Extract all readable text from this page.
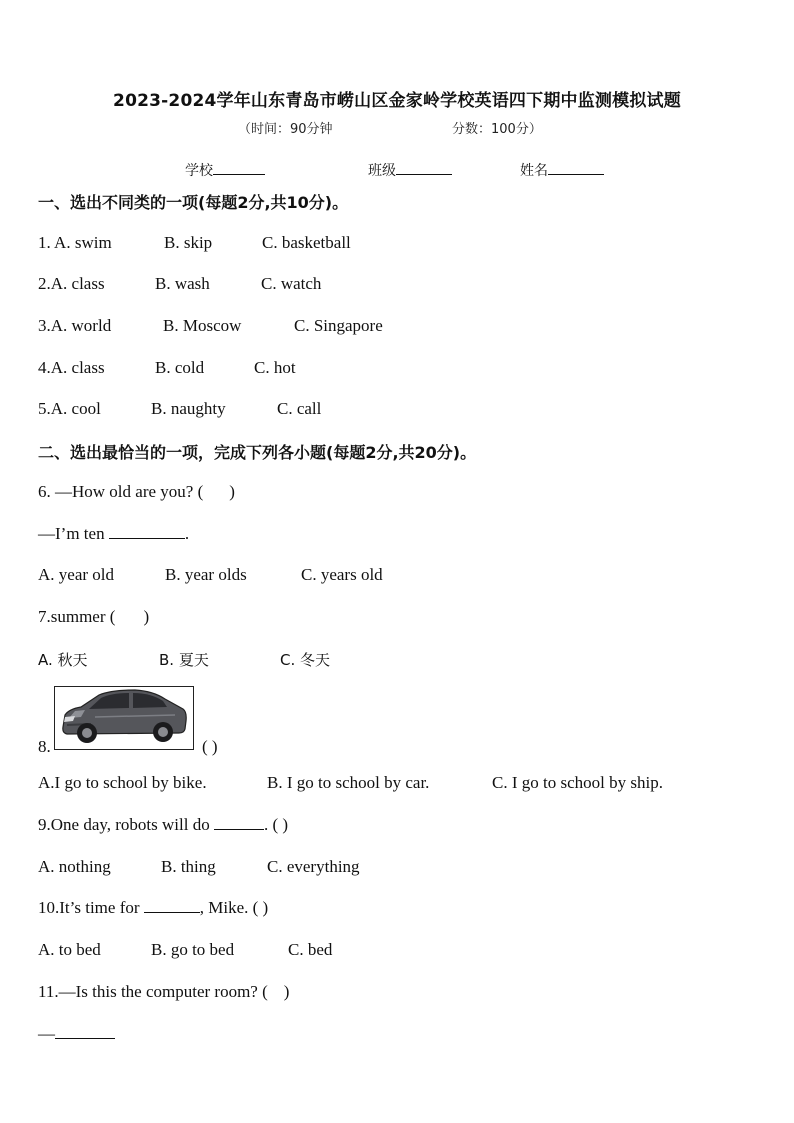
2023-2024学年山东青岛市崂山区金家岭学校英语四下期中监测模拟试题
（时间：90分钟	分数：100分）
学校	班级	姓名
一、选出不同类的一项(每题2分,共10分)。
1. A. swim	B. skip	C. basketball
2.A. class	B. wash	C. watch
3.A. world	B. Moscow	C. Singapore
4.A. class	B. cold	C. hot
5.A. cool	B. naughty	C. call
二、选出最恰当的一项，完成下列各小题(每题2分,共20分)。
6. —How old are you? ( )
—I’m ten	.
A. year old	B. year olds	C. years old
7.summer ( )
A. 秋天	B. 夏天	C. 冬天
8.	( )
A.I go to school by bike.	B. I go to school by car.	C. I go to school by ship.
9.One day, robots will do	. ( )
A. nothing	B. thing	C. everything
10.It’s time for	, Mike. ( )
A. to bed	B. go to bed	C. bed
11.—Is this the computer room? ( )
—
